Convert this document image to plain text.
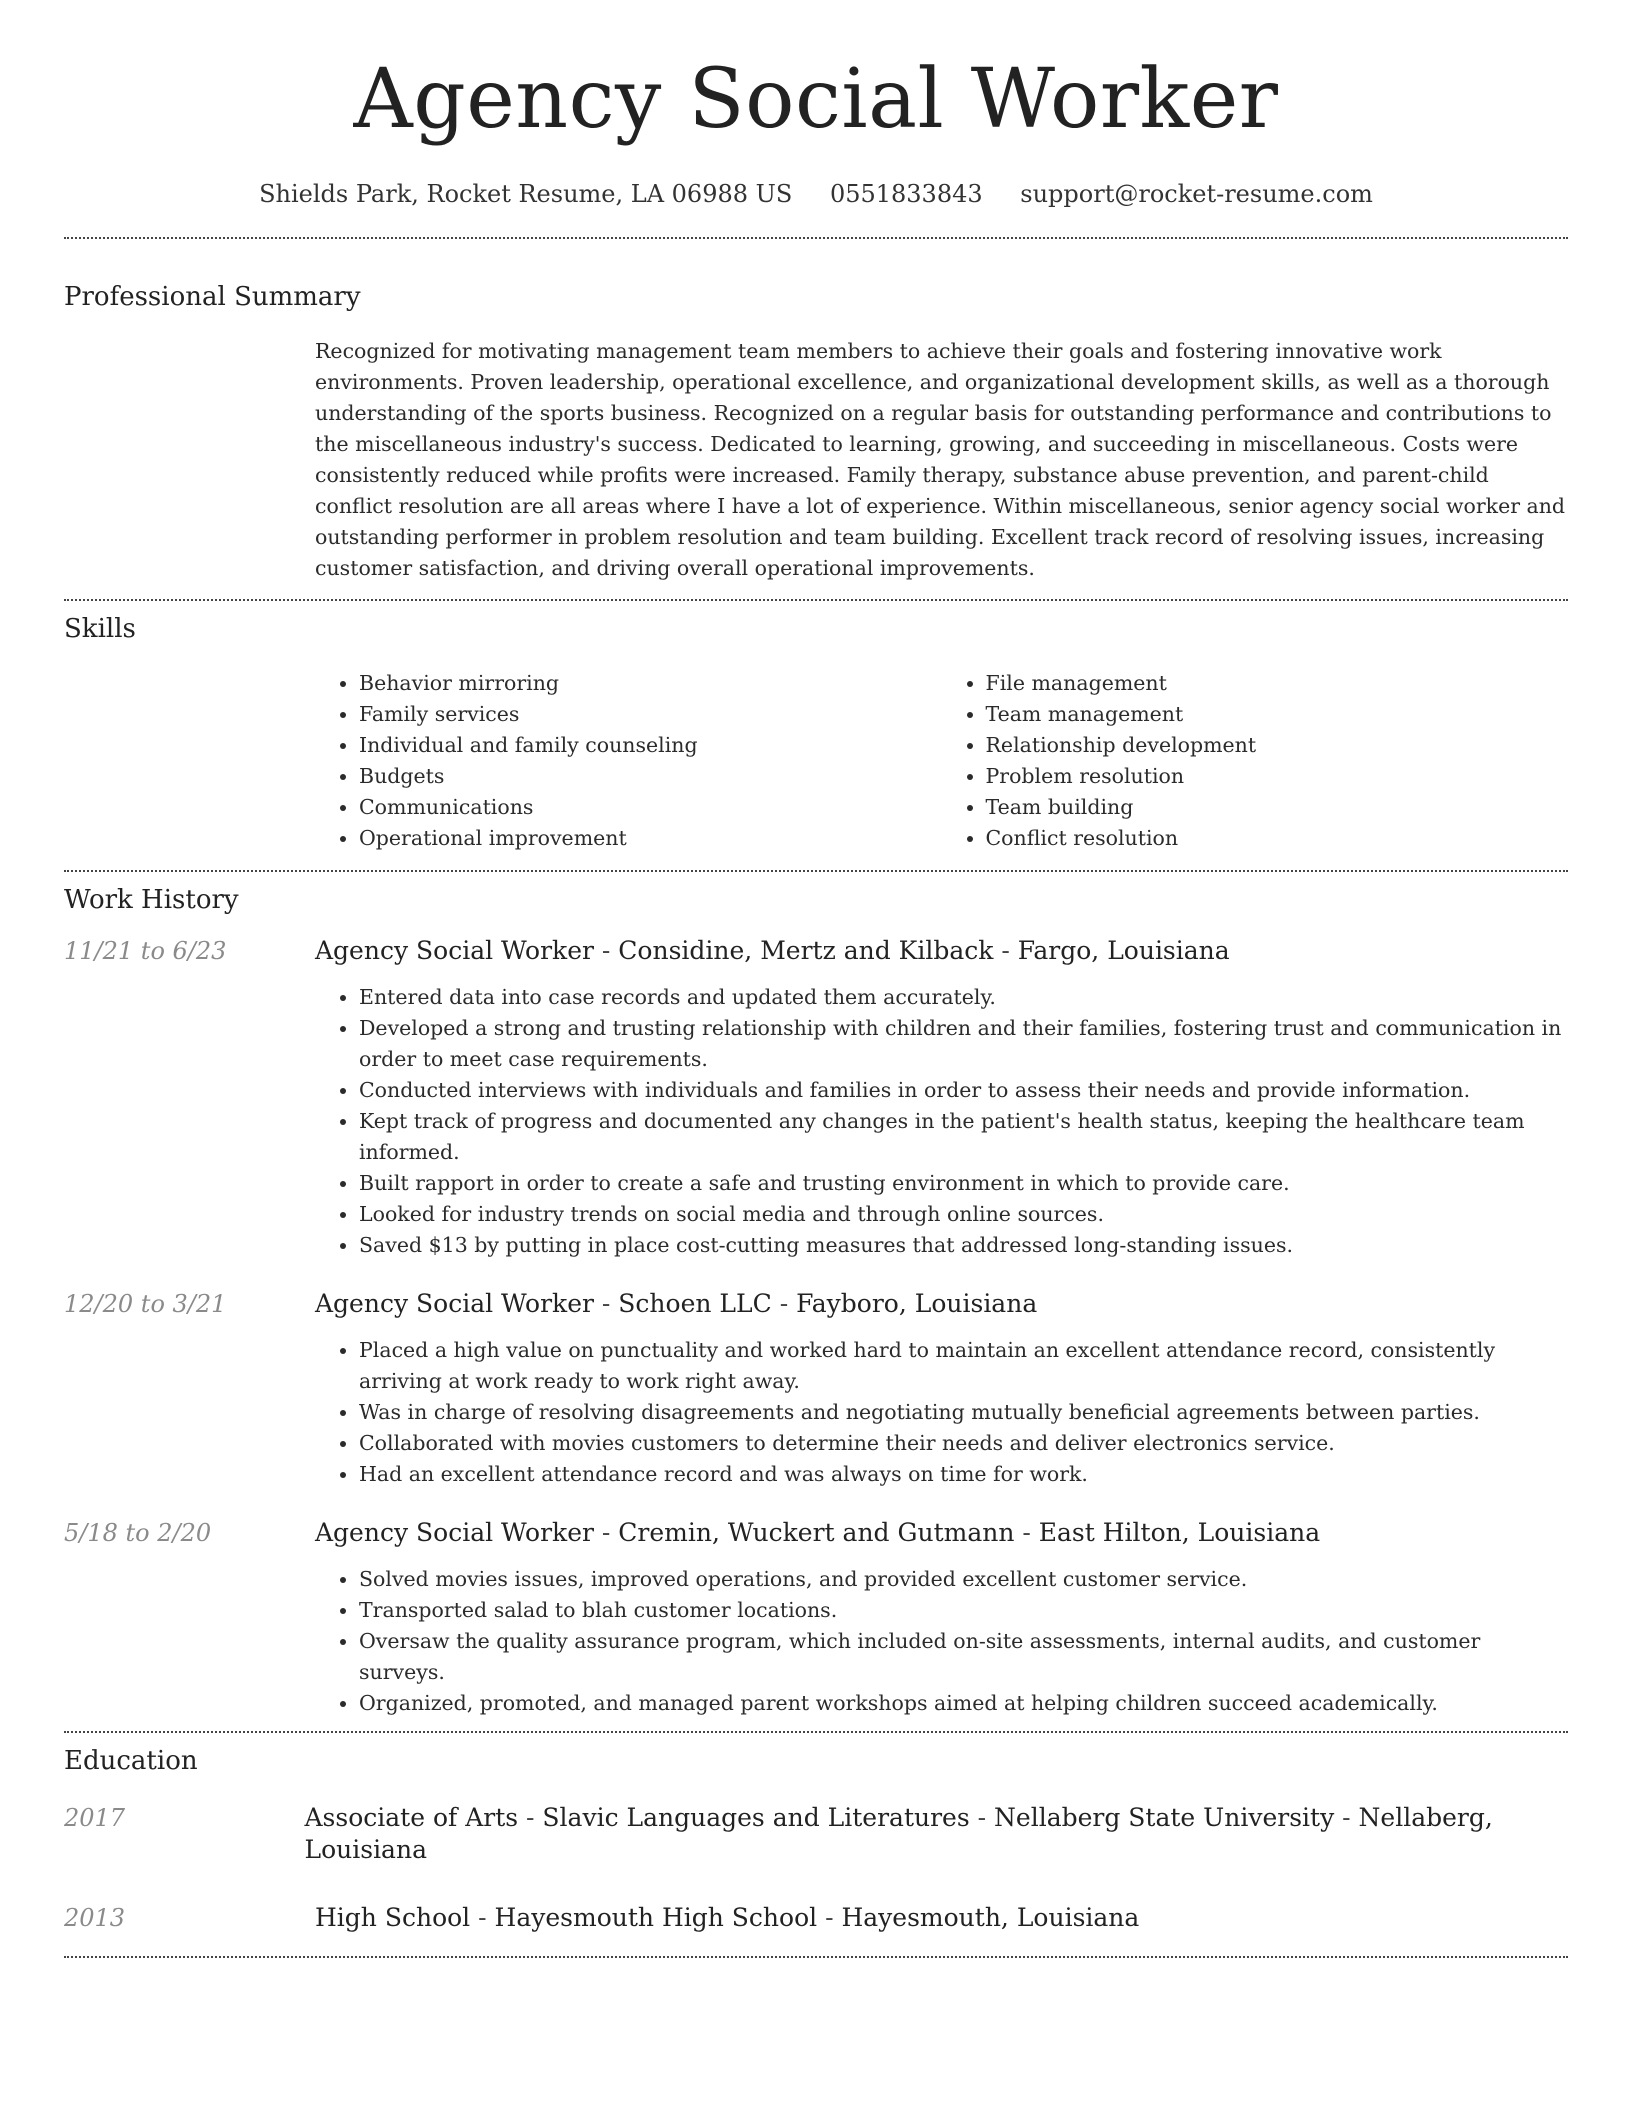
Agency Social Worker
Shields Park, Rocket Resume, LA 06988 US 0551833843 support@rocket-resume.com
Professional Summary
Recognized for motivating management team members to achieve their goals and fostering innovative work environments. Proven leadership, operational excellence, and organizational development skills, as well as a thorough understanding of the sports business. Recognized on a regular basis for outstanding performance and contributions to the miscellaneous industry's success. Dedicated to learning, growing, and succeeding in miscellaneous. Costs were consistently reduced while profits were increased. Family therapy, substance abuse prevention, and parent-child conflict resolution are all areas where I have a lot of experience. Within miscellaneous, senior agency social worker and outstanding performer in problem resolution and team building. Excellent track record of resolving issues, increasing customer satisfaction, and driving overall operational improvements.
Skills
• Behavior mirroring
• Family services
• Individual and family counseling
• Budgets
• Communications
• Operational improvement
• File management
• Team management
• Relationship development
• Problem resolution
• Team building
• Conflict resolution
Work History
11/21 to 6/23	Agency Social Worker - Considine, Mertz and Kilback - Fargo, Louisiana
• Entered data into case records and updated them accurately.
• Developed a strong and trusting relationship with children and their families, fostering trust and communication in order to meet case requirements.
• Conducted interviews with individuals and families in order to assess their needs and provide information.
• Kept track of progress and documented any changes in the patient's health status, keeping the healthcare team informed.
• Built rapport in order to create a safe and trusting environment in which to provide care.
• Looked for industry trends on social media and through online sources.
• Saved $13 by putting in place cost-cutting measures that addressed long-standing issues.
12/20 to 3/21	Agency Social Worker - Schoen LLC - Fayboro, Louisiana
• Placed a high value on punctuality and worked hard to maintain an excellent attendance record, consistently arriving at work ready to work right away.
• Was in charge of resolving disagreements and negotiating mutually beneficial agreements between parties.
• Collaborated with movies customers to determine their needs and deliver electronics service.
• Had an excellent attendance record and was always on time for work.
5/18 to 2/20	Agency Social Worker - Cremin, Wuckert and Gutmann - East Hilton, Louisiana
• Solved movies issues, improved operations, and provided excellent customer service.
• Transported salad to blah customer locations.
• Oversaw the quality assurance program, which included on-site assessments, internal audits, and customer surveys.
• Organized, promoted, and managed parent workshops aimed at helping children succeed academically.
Education
2017	Associate of Arts - Slavic Languages and Literatures - Nellaberg State University - Nellaberg, Louisiana
2013	High School - Hayesmouth High School - Hayesmouth, Louisiana
